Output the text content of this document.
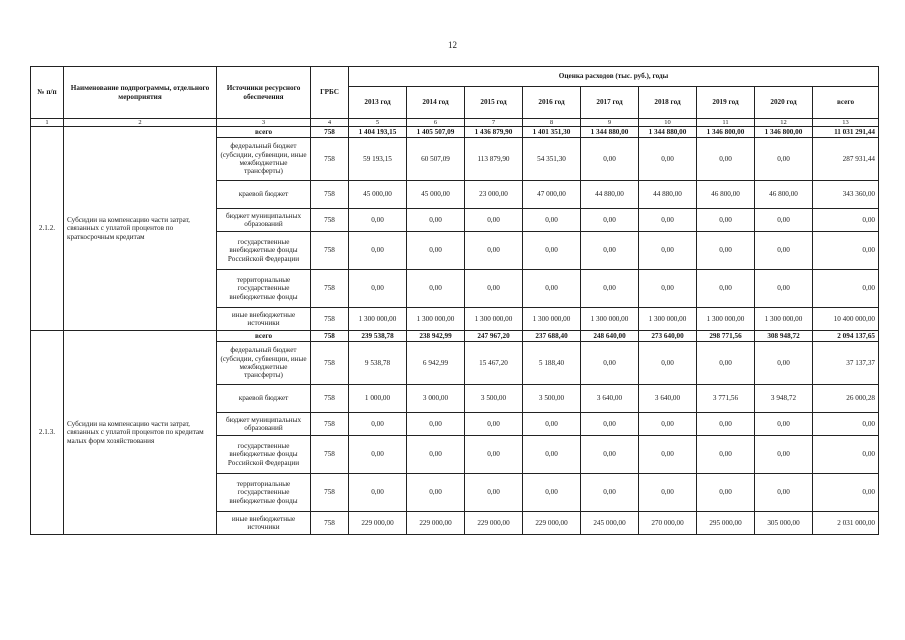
12
№ п/п	Наименование подпрограммы, отдельного мероприятия	Источники ресурсного обеспечения	ГРБС	Оценка расходов (тыс. руб.), годы								
				2013 год	2014 год	2015 год	2016 год	2017 год	2018 год	2019 год	2020 год	всего
1	2	3	4	5	6	7	8	9	10	11	12	13
2.1.2.	Субсидии на компенсацию части затрат, связанных с уплатой процентов по краткосрочным кредитам	всего	758	1 404 193,15	1 405 507,09	1 436 879,90	1 401 351,30	1 344 880,00	1 344 880,00	1 346 800,00	1 346 800,00	11 031 291,44
		федеральный бюджет (субсидии, субвенции, иные межбюджетные трансферты)	758	59 193,15	60 507,09	113 879,90	54 351,30	0,00	0,00	0,00	0,00	287 931,44
		краевой бюджет	758	45 000,00	45 000,00	23 000,00	47 000,00	44 880,00	44 880,00	46 800,00	46 800,00	343 360,00
		бюджет муниципальных образований	758	0,00	0,00	0,00	0,00	0,00	0,00	0,00	0,00	0,00
		государственные внебюджетные фонды Российской Федерации	758	0,00	0,00	0,00	0,00	0,00	0,00	0,00	0,00	0,00
		территориальные государственные внебюджетные фонды	758	0,00	0,00	0,00	0,00	0,00	0,00	0,00	0,00	0,00
		иные внебюджетные источники	758	1 300 000,00	1 300 000,00	1 300 000,00	1 300 000,00	1 300 000,00	1 300 000,00	1 300 000,00	1 300 000,00	10 400 000,00
2.1.3.	Субсидии на компенсацию части затрат, связанных с уплатой процентов по кредитам малых форм хозяйствования	всего	758	239 538,78	238 942,99	247 967,20	237 688,40	248 640,00	273 640,00	298 771,56	308 948,72	2 094 137,65
		федеральный бюджет (субсидии, субвенции, иные межбюджетные трансферты)	758	9 538,78	6 942,99	15 467,20	5 188,40	0,00	0,00	0,00	0,00	37 137,37
		краевой бюджет	758	1 000,00	3 000,00	3 500,00	3 500,00	3 640,00	3 640,00	3 771,56	3 948,72	26 000,28
		бюджет муниципальных образований	758	0,00	0,00	0,00	0,00	0,00	0,00	0,00	0,00	0,00
		государственные внебюджетные фонды Российской Федерации	758	0,00	0,00	0,00	0,00	0,00	0,00	0,00	0,00	0,00
		территориальные государственные внебюджетные фонды	758	0,00	0,00	0,00	0,00	0,00	0,00	0,00	0,00	0,00
		иные внебюджетные источники	758	229 000,00	229 000,00	229 000,00	229 000,00	245 000,00	270 000,00	295 000,00	305 000,00	2 031 000,00
